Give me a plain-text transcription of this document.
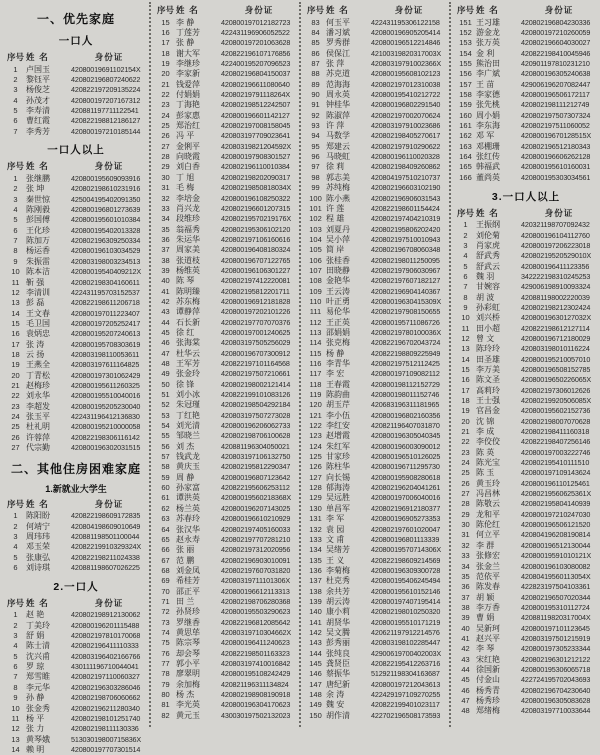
一、优先家庭
一口人
序号 姓  名	身份证
1	卢国玉	42080019691102154X
2	黎钰平	420802196807240622
3	杨俊芝	420822197209135224
4	孙茂才	420800197207167312
5	李寿清	420881197711122541
6	曹红霞	420822198812186127
7	李秀芳	420800197210185144
一口人以上
序号 姓  名	身份证
1	张继鹏	420800195609093916
2	张 坤	420802198610231916
3	秦世惊	425004195402091350
4	陈刚毅	420800196801273639
5	彭国傅	420800195601010384
6	王化珍	420800195402013328
7	陈加万	420802196309250334
8	杨运香	420800196103034529
9	朱振雷	420803198003234513
10 陈本洁	42080019540409212X
11 靳 强	420802198304160611
12 李清训	422431195703152537
13 彭 磊	420822198611206718
14 王文春	420800197011223407
15 毛卫国	420800197205252417
16 袁炳忠	420800195207240613
17 张 涛	420800195708303619
18 云 扬	420803198110053611
19 王燕全	420803197611164825
20 丁青松	420800197301062429
21 赵梅珍	420800195611260325
22 刘永华	420800195510040016
23 李超发	420800195205230040
24 张玉平	422431196412136830
25 杜礼明	420800195210000058
26 许蓉萍	420822198306116142
27 代宗勤	420800196302031515
二、其他住房困难家庭
1.新就业大学生
序号 姓  名	身份证
1	陈阳盼	420822198609172835
2	何靖宁	420804198609010649
3	周玮玮	420881198501100044
4	邓玉荣	42082219910329324X
5	张康弘	420822198211024338
6	刘诗琪	420881198607026225
2.一口人
序号 姓  名	身份证
1	赵 艳	420802198912130062
2	丁美玲	420800196201115488
3	舒 娟	420802197810170068
4	陈士清	420802196411110333
5	沈兴甫	420803196402166766
6	罗 琼	430111196710044041
7	郑雪睢	420802197110060327
8	李元华	420802196303286046
9	孙 静	420802198706060662
10 张金秀	420802196211280340
11 杨 平	420802198101251740
12 张 力	420802198111130336
13 黄琴娥	51303019800715836X
14 赖 明	420800197707301514
序号 姓  名	身份证
15 李 静	420800197012182723
16 丁莲芳	422431196906052522
17 张 静	420800197201063628
18 谢大军	420822196107176856
19 李继珍	422400195207096523
20 李家新	420802196804150037
21 钱爱萍	420802196611080640
22 付娟娟	42080219791118264X
23 丁海艳	420802198512242507
24 彭家惠	420800196601142127
25 郑治红	420802197008158045
26 冯 平	420803197709023641
27 金俐平	42080319821204592X
28 向晓霞	420800197908301527
29 刘白香	420802196110010384
30 丁 旭	420802198202090317
31 毛 梅	42080219850818034X
32 李培金	420800196108250322
33 肖兴龙	420802196601207315
34 段维珍	42080219570219176X
35 翁福秀	420802195306102120
36 朱运华	420802197106160616
37 周家美	420800196408180324
38 张道枝	420800196707122765
39 杨维英	420800196106301227
40 陈 琴	420802197412220081
41 陈明臻	420802195812201711
42 苏东梅	420800196912181828
43 谭静萍	420800197202101226
44 石长新	420802197707070376
45 徐 红	420800197001240625
46 张海棠	420803197505256029
47 杜华云	420800196707300912
48 王军芳	420822197101164568
49 张金玲	420802197507210661
50 徐 锋	420802198002121414
51 刘小冰	420822199101083126
52 朱冠瑾	420802198504292184
53 丁红艳	420803197507273028
54 刘光清	420800196206062733
55 邹晓兰	420802198706100628
56 刘 杰	420881196304050021
57 钱武龙	420803197106132750
58 黄庆玉	420802195812290347
59 周 静	420800196807123642
60 孙家富	420822195606253112
61 谭洪英	42080019560218368X
62 杨兰英	420800196207143025
63 苏春玲	420800196610210929
64 张汉华	420802197405160033
65 赵永寿	420802197707281210
66 张 丽	420802197312020956
67 范 鹏	420802196903010091
68 刘金凤	420802197607031820
69 希桂芳	42080319711101306X
70 邵正平	420800196612113313
71 田 兰	420802198706280368
72 孙贤珍	420800195503290623
73 罗继香	420822196812085642
74 黄思荜	42080319710304662X
75 陈宗琴	420800196411240623
76 却会琴	420822198501163323
77 郭小平	420803197410016842
78 廖翠明	420800195108242429
79 余加梅	420821196311134824
80 杨 杰	420802198908190918
81 李光英	420800196304170623
82 黄元玉	430030197502132023
序号 姓  名	身份证
83 何玉平	422431195306122158
84 潘习斌	420800196905205414
85 罗秀群	420800196512214846
86 侯保江	42100319820317003X
87 张 萍	42080319791002366X
88 苏克道	420800195608102123
89 范海海	420802197012310038
90 周永英	420800195410212722
91 钟桂华	420800196802291540
92 陈淑萍	420802197002070624
93 许 萍	420803197910023686
94 马数学	420802198405270617
95 郑建云	420802197910290622
96 马晓虹	420800196110020328
97 徐 莉	420802198409260862
98 郭志美	420804197510210737
99 苏纯梅	420802196603102190
100 陈小燕	420802196906031543
101 许 莲	420822198601154424
102 程 雄	420802197404210319
103 刘夏丹	420802195806202420
104 吴小萍	420802197510010943
105 简 岸	420802196708060348
106 张桂香	420802198011250095
107 田晓静	420802197906030967
108 金艳华	420802197607182127
109 王云涛	420802196904140367
110 叶正勇	42080019630415309X
111 易伦华	420802197908150655
112 王正英	420800195711086726
113 邵娟娟	42080219780100036X
114 张克梅	420822196702043724
115 杨 静	420822198809225949
116 李青华	420802197512112425
117 李 宏	420800197109082112
118 王春霞	420800198112152729
119 陈韵曲	420800198011152746
120 胡玉芹	420683196311181965
121 李小伍	420800196802160356
122 李红安	420821196407031870
123 赵增霞	420800196305040345
124 朱红军	420800196003090012
125 甘家珍	420800196510126025
126 陈柱华	420800196711295730
127 向长锡	420800195908280618
128 郁海涛	420802196204041261
129 吴远胜	420800197006040016
130 单昌军	420802196912180377
131 李 军	420800196905273353
132 袁 园	420802197601020047
133 文 甫	420800196801113339
134 吴绪芳	42080019570714306X
135 王 义	420822198609214569
136 李菊梅	420800196309300728
137 杜克秀	420800195406245494
138 余共芳	420800195610152146
139 胡云涛	420800197407195414
140 康小莉	420802198010250320
141 胡贤华	420800195510171219
142 吴文腾	420621197912214576
143 彭秀丽	420803198102285447
144 张纯良	42900619700402003X
145 龚贤臣	420822195412263716
146 蔡振华	512921198304163687
147 唐纪新	420800197212043613
148 余 涛	422429197109270255
149 魏 安	420822199401023117
150 胡作清	422702196508173593
序号 姓  名	身份证
151 王习雄	420802196804230336
152 游金龙	420800197210260059
153 张万英	420802196604030027
154 金 利	420822198410045946
155 熊治田	420901197810231210
156 李广斌	420800196305240638
157 王 苗	429006196207082447
158 李家德	420800196506172117
159 张先桃	420802198111212749
160 周小娟	420802197507307324
161 李东海	420802197511060052
162 邓 军	42080019670128515X
163 邓棚珊	420802196512180343
164 张红传	420800196606262128
165 韩福武	420800195610160031
166 董尚英	420800195303034561
3.一口人以上
序号 姓  名	身份证
1	王振纲	420321198707092432
2	刘伦菊	420800196104112760
3	肖家虎	420800197206223018
4	舒武秀	42080219520529010X
5	舒武云	420800196411123356
6	魏 羽	342222198310245253
7	甘婉容	429006198910093324
8	胡 波	420881198002220039
9	孙彩虹	420802198212302424
10 刘兴桥	42080019630127032X
11 田小超	420822198612127114
12 曾 文	420800196712180029
13 陈玲玲	420803198010116224
14 田圣雄	420800195210057010
15 李万美	420800196508152785
16 陈文圣	42080019650226065X
17 高莉玲	420802197306012626
18 王士强	42080219920506085X
19 官昌金	420800195602152736
20 沈 锦	420802198007070628
21 李 成	420802198411160318
22 李佼佼	420822198407256146
23 陈 英	420800197003222746
24 陈光宝	420802195410111510
25 陈 玉	420800197109143624
26 黄玉玲	420800196110125461
27 冯昌林	42080219560625361X
28 陈敬云	420802195804140939
29 龙和平	420800197210247030
30 陈伦红	420800196506121520
31 何立平	420804196208190814
32 李 群	420800196512130044
33 张修宏	42080019591010121X
34 张金兰	420800196103080082
35 范依平	42080419560113054X
36 陈发春	422823197504103361
37 胡 颖	420802196507020344
38 李万香	420800195310112724
39 曹 娟	42088119820317004X
40 吴新珂	420800197101123645
41 赵兴平	420803197501215919
42 李 琴	420800197305233344
43 宋红艳	420802196301212122
44 徐国新	420800195306065718
45 付金山	422724195702043693
46 杨秀青	420802196704230640
47 杨秀珍	420800196305083628
48 郑绪梅	420803197710033644
